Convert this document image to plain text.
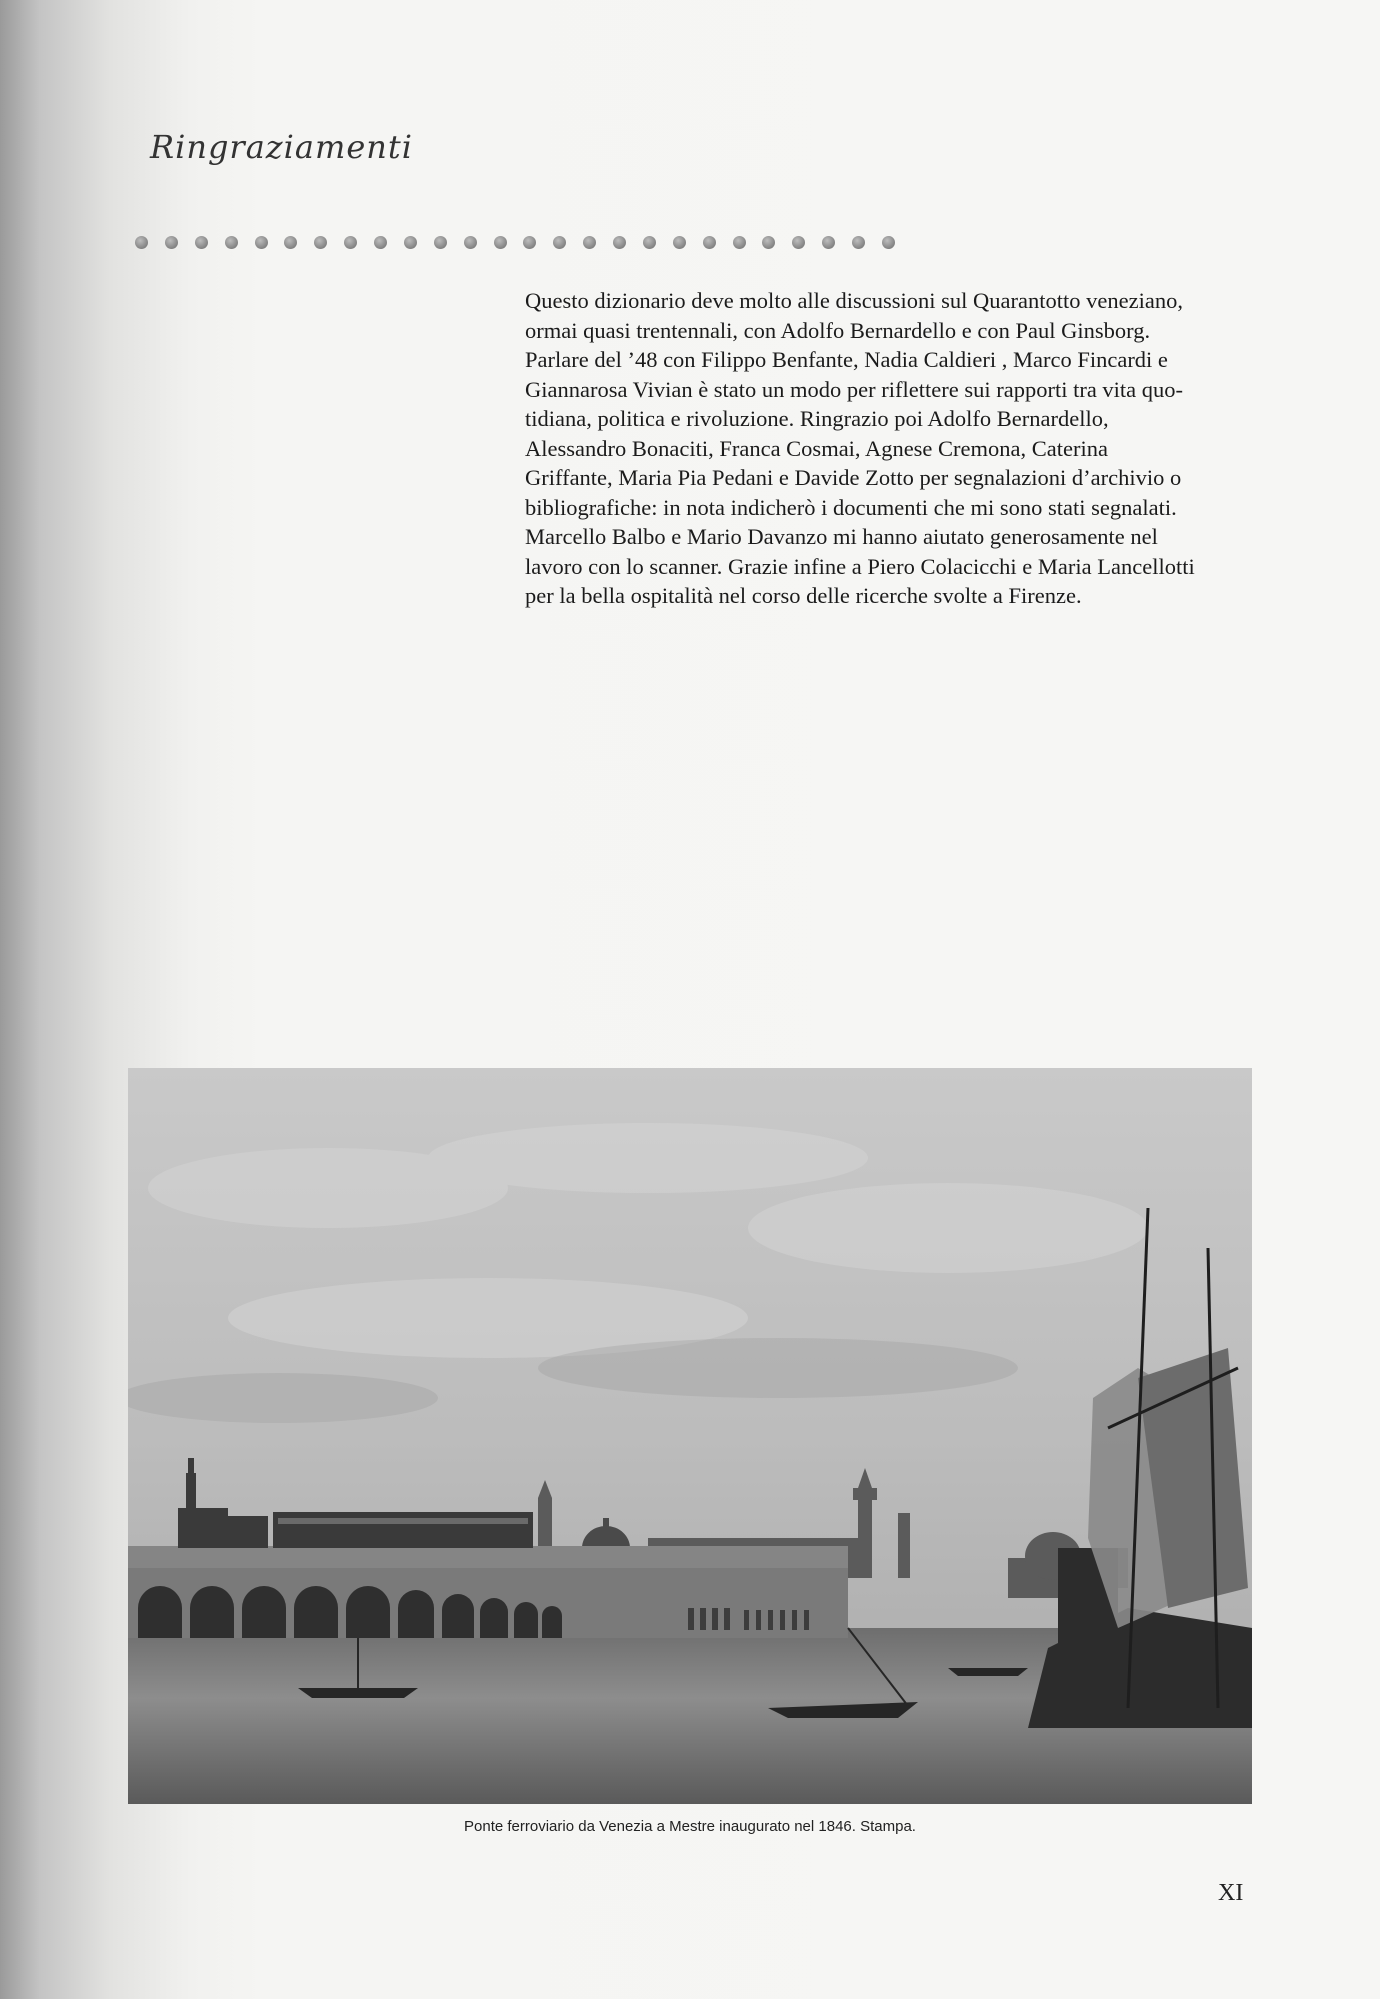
Ringraziamenti
Questo dizionario deve molto alle discussioni sul Quarantotto veneziano,
ormai quasi trentennali, con Adolfo Bernardello e con Paul Ginsborg.
Parlare del ’48 con Filippo Benfante, Nadia Caldieri , Marco Fincardi e
Giannarosa Vivian è stato un modo per riflettere sui rapporti tra vita quo-
tidiana, politica e rivoluzione. Ringrazio poi Adolfo Bernardello,
Alessandro Bonaciti, Franca Cosmai, Agnese Cremona, Caterina
Griffante, Maria Pia Pedani e Davide Zotto per segnalazioni d’archivio o
bibliografiche: in nota indicherò i documenti che mi sono stati segnalati.
Marcello Balbo e Mario Davanzo mi hanno aiutato generosamente nel
lavoro con lo scanner. Grazie infine a Piero Colacicchi e Maria Lancellotti
per la bella ospitalità nel corso delle ricerche svolte a Firenze.
Ponte ferroviario da Venezia a Mestre inaugurato nel 1846. Stampa.
XI
